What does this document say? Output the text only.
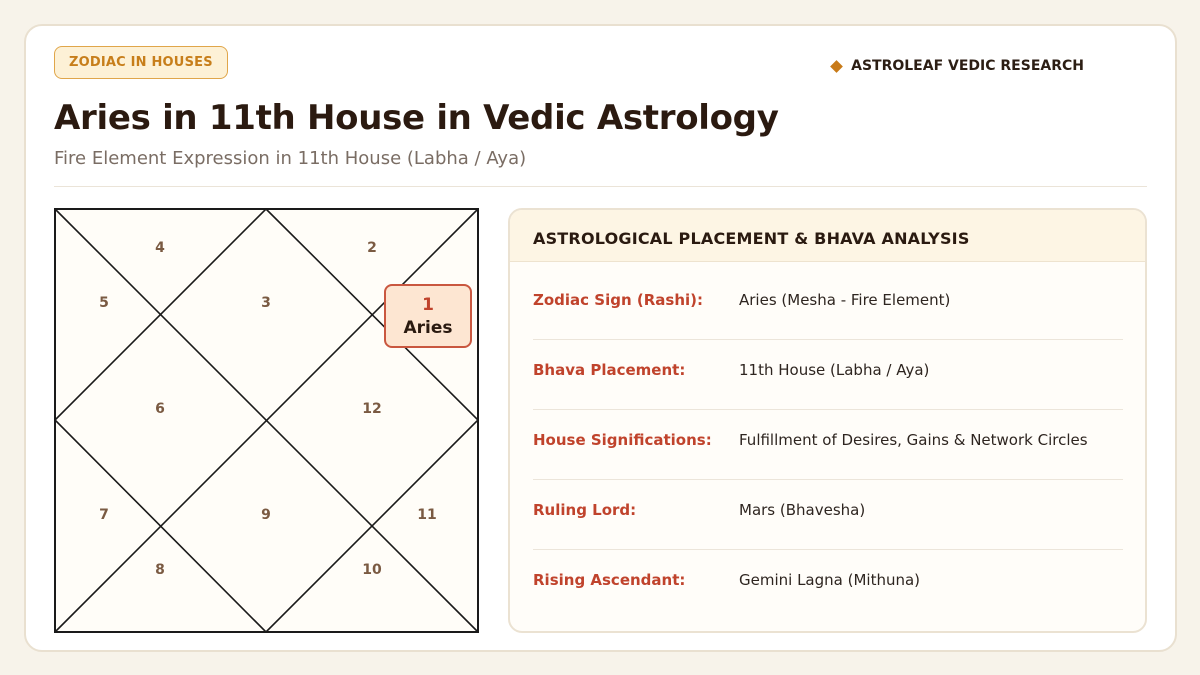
ZODIAC IN HOUSES	ASTROLEAF VEDIC RESEARCH
Aries in 11th House in Vedic Astrology
Fire Element Expression in 11th House (Labha / Aya)
4	2
5	3
6	12
7	9	11
8	10
1
Aries
ASTROLOGICAL PLACEMENT & BHAVA ANALYSIS
Zodiac Sign (Rashi): Aries (Mesha - Fire Element)
Bhava Placement:	11th House (Labha / Aya)
House Significations: Fulfillment of Desires, Gains & Network Circles
Ruling Lord:	Mars (Bhavesha)
Rising Ascendant:	Gemini Lagna (Mithuna)
